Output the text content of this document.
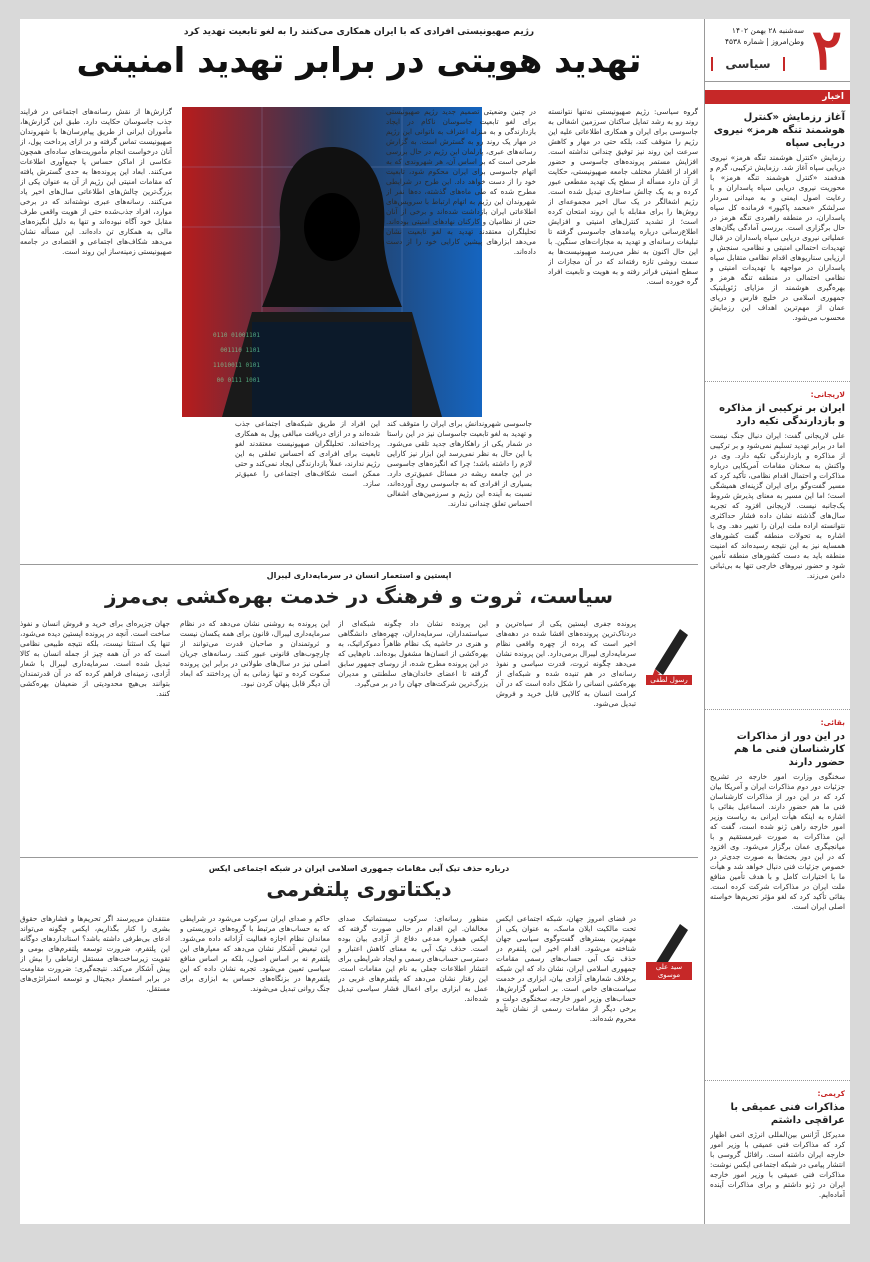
۲
سه‌شنبه ۲۸ بهمن ۱۴۰۲
وطن‌امروز | شماره ۴۵۳۸
سیاسی
اخبار
آغاز رزمایش «کنترل هوشمند تنگه هرمز» نیروی دریایی سپاه
رزمایش «کنترل هوشمند تنگه هرمز» نیروی دریایی سپاه آغاز شد. رزمایش ترکیبی، گرم و هدفمند «کنترل هوشمند تنگه هرمز» با محوریت نیروی دریایی سپاه پاسداران و با رعایت اصول ایمنی و به میدانی سردار سرلشکر «محمد پاکپور» فرمانده کل سپاه پاسداران، در منطقه راهبردی تنگه هرمز در حال برگزاری است. بررسی آمادگی یگان‌های عملیاتی نیروی دریایی سپاه پاسداران در قبال تهدیدات احتمالی امنیتی و نظامی، سنجش و ارزیابی سناریوهای اقدام نظامی متقابل سپاه پاسداران در مواجهه با تهدیدات امنیتی و نظامی احتمالی در منطقه تنگه هرمز و بهره‌گیری هوشمند از مزایای ژئوپلیتیک جمهوری اسلامی در خلیج فارس و دریای عمان از مهم‌ترین اهداف این رزمایش محسوب می‌شود.
لاریجانی:
ایران بر ترکیبی از مذاکره و بازدارندگی تکیه دارد
علی لاریجانی گفت: ایران دنبال جنگ نیست اما در برابر تهدید تسلیم نمی‌شود و بر ترکیبی از مذاکره و بازدارندگی تکیه دارد. وی در واکنش به سخنان مقامات آمریکایی درباره مذاکرات و احتمال اقدام نظامی، تأکید کرد که مسیر گفت‌وگو برای ایران گزینه‌ای همیشگی است؛ اما این مسیر به معنای پذیرش شروط یک‌جانبه نیست. لاریجانی افزود که تجربه سال‌های گذشته نشان داده فشار حداکثری نتوانسته اراده ملت ایران را تغییر دهد. وی با اشاره به تحولات منطقه گفت کشورهای همسایه نیز به این نتیجه رسیده‌اند که امنیت منطقه باید به دست کشورهای منطقه تأمین شود و حضور نیروهای خارجی تنها به بی‌ثباتی دامن می‌زند.
بقائی:
در این دور از مذاکرات کارشناسان فنی ما هم حضور دارند
سخنگوی وزارت امور خارجه در تشریح جزئیات دور دوم مذاکرات ایران و آمریکا بیان کرد که در این دور از مذاکرات کارشناسان فنی ما هم حضور دارند. اسماعیل بقائی با اشاره به اینکه هیأت ایرانی به ریاست وزیر امور خارجه راهی ژنو شده است، گفت که این مذاکرات به صورت غیرمستقیم و با میانجیگری عمان برگزار می‌شود. وی افزود که در این دور بحث‌ها به صورت جدی‌تر در خصوص جزئیات فنی دنبال خواهد شد و هیأت ما با اختیارات کامل و با هدف تأمین منافع ملت ایران در مذاکرات شرکت کرده است. بقائی تأکید کرد که لغو مؤثر تحریم‌ها خواسته اصلی ایران است.
کریمی:
مذاکرات فنی عمیقی با عراقچی داشتم
مدیرکل آژانس بین‌المللی انرژی اتمی اظهار کرد که مذاکرات فنی عمیقی با وزیر امور خارجه ایران داشته است. رافائل گروسی با انتشار پیامی در شبکه اجتماعی ایکس نوشت: مذاکرات فنی عمیقی با وزیر امور خارجه ایران در ژنو داشتم و برای مذاکرات آینده آماده‌ایم.
رژیم صهیونیستی افرادی که با ایران همکاری می‌کنند را به لغو تابعیت تهدید کرد
تهدید هویتی در برابر تهدید امنیتی
گروه سیاسی: رژیم صهیونیستی نه‌تنها نتوانسته روند رو به رشد تمایل ساکنان سرزمین اشغالی به جاسوسی برای ایران و همکاری اطلاعاتی علیه این رژیم را متوقف کند، بلکه حتی در مهار و کاهش سرعت این روند نیز توفیق چندانی نداشته است. افزایش مستمر پرونده‌های جاسوسی و حضور افراد از اقشار مختلف جامعه صهیونیستی، حکایت از آن دارد مسأله از سطح یک تهدید مقطعی عبور کرده و به یک چالش ساختاری تبدیل شده است. رژیم اشغالگر در یک سال اخیر مجموعه‌ای از روش‌ها را برای مقابله با این روند امتحان کرده است؛ از تشدید کنترل‌های امنیتی و افزایش اطلاع‌رسانی درباره پیامدهای جاسوسی گرفته تا تبلیغات رسانه‌ای و تهدید به مجازات‌های سنگین. با این حال اکنون به نظر می‌رسد صهیونیست‌ها به سمت روشی تازه رفته‌اند که در آن مجازات از سطح امنیتی فراتر رفته و به هویت و تابعیت افراد گره خورده است.
گزارش‌ها از نقش رسانه‌های اجتماعی در فرایند جذب جاسوسان حکایت دارد. طبق این گزارش‌ها، مأموران ایرانی از طریق پیام‌رسان‌ها با شهروندان صهیونیست تماس گرفته و در ازای پرداخت پول، از آنان درخواست انجام مأموریت‌های ساده‌ای همچون عکاسی از اماکن حساس یا جمع‌آوری اطلاعات می‌کنند. ابعاد این پرونده‌ها به حدی گسترش یافته که مقامات امنیتی این رژیم از آن به عنوان یکی از بزرگ‌ترین چالش‌های اطلاعاتی سال‌های اخیر یاد می‌کنند. رسانه‌های عبری نوشته‌اند که در برخی موارد، افراد جذب‌شده حتی از هویت واقعی طرف مقابل خود آگاه نبوده‌اند و تنها به دلیل انگیزه‌های مالی به همکاری تن داده‌اند. این مسأله نشان می‌دهد شکاف‌های اجتماعی و اقتصادی در جامعه صهیونیستی زمینه‌ساز این روند است.
01001101 0110
1101 001110
0101 11010011
1001 0111 00
جاسوسی شهروندانش برای ایران را متوقف کند و تهدید به لغو تابعیت جاسوسان نیز در این راستا در شمار یکی از راهکارهای جدید تلقی می‌شود. با این حال به نظر نمی‌رسد این ابزار نیز کارایی لازم را داشته باشد؛ چرا که انگیزه‌های جاسوسی در این جامعه ریشه در مسائل عمیق‌تری دارد. بسیاری از افرادی که به جاسوسی روی آورده‌اند، نسبت به آینده این رژیم و سرزمین‌های اشغالی احساس تعلق چندانی ندارند.
این افراد از طریق شبکه‌های اجتماعی جذب شده‌اند و در ازای دریافت مبالغی پول به همکاری پرداخته‌اند. تحلیلگران صهیونیست معتقدند لغو تابعیت برای افرادی که احساس تعلقی به این رژیم ندارند، عملاً بازدارندگی ایجاد نمی‌کند و حتی ممکن است شکاف‌های اجتماعی را عمیق‌تر سازد.
اپستین و استعمار انسان در سرمایه‌داری لیبرال
سیاست، ثروت و فرهنگ در خدمت بهره‌کشی بی‌مرز
رسول لطفی
پرونده جفری اپستین یکی از سیاه‌ترین و دردناک‌ترین پرونده‌های افشا شده در دهه‌های اخیر است که پرده از چهره واقعی نظام سرمایه‌داری لیبرال برمی‌دارد. این پرونده نشان می‌دهد چگونه ثروت، قدرت سیاسی و نفوذ رسانه‌ای در هم تنیده شده و شبکه‌ای از بهره‌کشی انسانی را شکل داده است که در آن کرامت انسان به کالایی قابل خرید و فروش تبدیل می‌شود.
این پرونده نشان داد چگونه شبکه‌ای از سیاستمداران، سرمایه‌داران، چهره‌های دانشگاهی و هنری در حاشیه یک نظام ظاهراً دموکراتیک، به بهره‌کشی از انسان‌ها مشغول بوده‌اند. نام‌هایی که در این پرونده مطرح شده، از روسای جمهور سابق گرفته تا اعضای خاندان‌های سلطنتی و مدیران بزرگ‌ترین شرکت‌های جهان را در بر می‌گیرد.
این پرونده به روشنی نشان می‌دهد که در نظام سرمایه‌داری لیبرال، قانون برای همه یکسان نیست و ثروتمندان و صاحبان قدرت می‌توانند از چارچوب‌های قانونی عبور کنند. رسانه‌های جریان اصلی نیز در سال‌های طولانی در برابر این پرونده سکوت کرده و تنها زمانی به آن پرداختند که ابعاد آن دیگر قابل پنهان کردن نبود.
جهان جزیره‌ای برای خرید و فروش انسان و نفوذ ساخت است. آنچه در پرونده اپستین دیده می‌شود، تنها یک استثنا نیست، بلکه نتیجه طبیعی نظامی است که در آن همه چیز از جمله انسان به کالا تبدیل شده است. سرمایه‌داری لیبرال با شعار آزادی، زمینه‌ای فراهم کرده که در آن قدرتمندان بتوانند بی‌هیچ محدودیتی از ضعیفان بهره‌کشی کنند.
درباره حذف تیک آبی مقامات جمهوری اسلامی ایران در شبکه اجتماعی ایکس
دیکتاتوری پلتفرمی
سید علی موسوی
در فضای امروز جهان، شبکه اجتماعی ایکس تحت مالکیت ایلان ماسک، به عنوان یکی از مهم‌ترین بسترهای گفت‌وگوی سیاسی جهان شناخته می‌شود. اقدام اخیر این پلتفرم در حذف تیک آبی حساب‌های رسمی مقامات جمهوری اسلامی ایران، نشان داد که این شبکه برخلاف شعارهای آزادی بیان، ابزاری در خدمت سیاست‌های خاص است. بر اساس گزارش‌ها، حساب‌های وزیر امور خارجه، سخنگوی دولت و برخی دیگر از مقامات رسمی از نشان تأیید محروم شده‌اند.
منظور رسانه‌ای: سرکوب سیستماتیک صدای مخالفان. این اقدام در حالی صورت گرفته که ایکس همواره مدعی دفاع از آزادی بیان بوده است. حذف تیک آبی به معنای کاهش اعتبار و دسترسی حساب‌های رسمی و ایجاد شرایطی برای انتشار اطلاعات جعلی به نام این مقامات است. این رفتار نشان می‌دهد که پلتفرم‌های غربی در عمل به ابزاری برای اعمال فشار سیاسی تبدیل شده‌اند.
حاکم و صدای ایران سرکوب می‌شود در شرایطی که به حساب‌های مرتبط با گروه‌های تروریستی و معاندان نظام اجازه فعالیت آزادانه داده می‌شود. این تبعیض آشکار نشان می‌دهد که معیارهای این پلتفرم نه بر اساس اصول، بلکه بر اساس منافع سیاسی تعیین می‌شود. تجربه نشان داده که این پلتفرم‌ها در بزنگاه‌های حساس به ابزاری برای جنگ روانی تبدیل می‌شوند.
منتقدان می‌پرسند اگر تحریم‌ها و فشارهای حقوق بشری را کنار بگذاریم، ایکس چگونه می‌تواند ادعای بی‌طرفی داشته باشد؟ استانداردهای دوگانه این پلتفرم، ضرورت توسعه پلتفرم‌های بومی و تقویت زیرساخت‌های مستقل ارتباطی را بیش از پیش آشکار می‌کند. نتیجه‌گیری: ضرورت مقاومت در برابر استعمار دیجیتال و توسعه استراتژی‌های مستقل.
در چنین وضعیتی تصمیم جدید رژیم صهیونیستی برای لغو تابعیت جاسوسان ناکام در ایجاد بازدارندگی و به منزله اعتراف به ناتوانی این رژیم در مهار یک روند رو به گسترش است. به گزارش رسانه‌های عبری، پارلمان این رژیم در حال بررسی طرحی است که بر اساس آن، هر شهروندی که به اتهام جاسوسی برای ایران محکوم شود، تابعیت خود را از دست خواهد داد. این طرح در شرایطی مطرح شده که طی ماه‌های گذشته، ده‌ها نفر از شهروندان این رژیم به اتهام ارتباط با سرویس‌های اطلاعاتی ایران بازداشت شده‌اند و برخی از آنان حتی از نظامیان و کارکنان نهادهای امنیتی بوده‌اند. تحلیلگران معتقدند تهدید به لغو تابعیت نشان می‌دهد ابزارهای پیشین کارایی خود را از دست داده‌اند.
